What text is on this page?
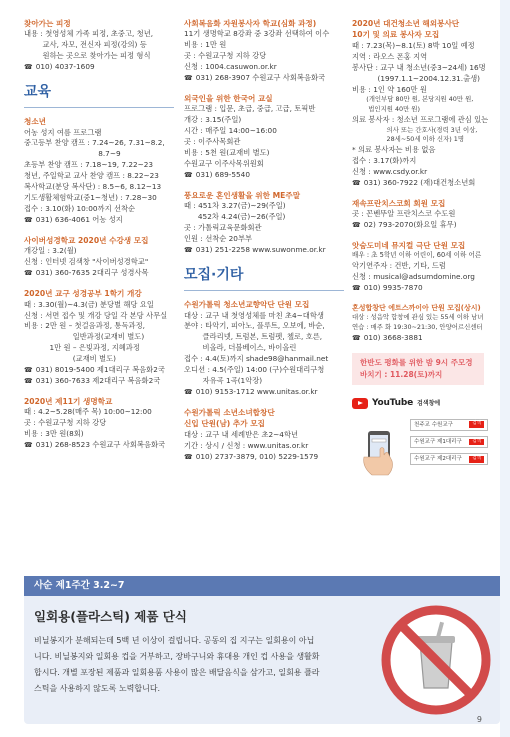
찾아가는 피정
내용 : 첫영성체 가족 피정, 초중고, 청년,
교사, 자모, 전신자 피정(강의) 등
원하는 곳으로 찾아가는 피정 형식
☎ 010) 4037-1609
교육
청소년
어농 성지 여름 프로그램
중고등부 찬양 캠프 : 7.24~26, 7.31~8.2,
8.7~9
초등부 찬양 캠프 : 7.18~19, 7.22~23
청년, 주일학교 교사 찬양 캠프 : 8.22~23
복사학교(분당 복사단) : 8.5~6, 8.12~13
기도생활체험학교(중1~청년) : 7.28~30
접수 : 3.10(화) 10:00까지 선착순
☎ 031) 636-4061 어농 성지
사이버성경학교 2020년 수강생 모집
개강일 : 3.2(월)
신청 : 인터넷 검색창 "사이버성경학교"
☎ 031) 360-7635 2대리구 성경사목
2020년 교구 성경공부 1학기 개강
때 : 3.30(월)~4.3(금) 분당별 해당 요일
신청 : 서면 접수 및 개강 당일 각 본당 사무실
비용 : 2만 원 – 첫걸음과정, 통독과정,
일반과정(교재비 별도)
1만 원 – 은빛과정, 지혜과정
(교재비 별도)
☎ 031) 8019-5400 제1대리구 복음화2국
☎ 031) 360-7633 제2대리구 복음화2국
2020년 제11기 생명학교
때 : 4.2~5.28(매주 목) 10:00~12:00
곳 : 수원교구청 지하 강당
비용 : 3만 원(8회)
☎ 031) 268-8523 수원교구 사회복음화국
사회복음화 자원봉사자 학교(심화 과정)
11기 생명학교 8강좌 중 3강좌 선택하여 이수
비용 : 1만 원
곳 : 수원교구청 지하 강당
신청 : 1004.casuwon.or.kr
☎ 031) 268-3907 수원교구 사회복음화국
외국인을 위한 한국어 교실
프로그램 : 입문, 초급, 중급, 고급, 토픽반
개강 : 3.15(주일)
시간 : 매주일 14:00~16:00
곳 : 이주사목회관
비용 : 5천 원(교재비 별도)
수원교구 이주사목위원회
☎ 031) 689-5540
풍요로운 혼인생활을 위한 ME주말
때 : 451차 3.27(금)~29(주일)
452차 4.24(금)~26(주일)
곳 : 가톨릭교육문화회관
인원 : 선착순 20부부
☎ 031) 251-2258 www.suwonme.or.kr
모집·기타
수원가톨릭 청소년교향악단 단원 모집
대상 : 교구 내 첫영성체를 마친 초4~대학생
분야 : 타악기, 피아노, 플루트, 오보에, 바순,
클라리넷, 트럼본, 트럼펫, 첼로, 호른,
비올라, 더블베이스, 바이올린
접수 : 4.4(토)까지 shade98@hanmail.net
오디션 : 4.5(주일) 14:00 (구)수원대리구청
자유곡 1곡(1악장)
☎ 010) 9153-1712 www.unitas.or.kr
수원가톨릭 소년소녀합창단
신입 단원(남) 추가 모집
대상 : 교구 내 세례받은 초2~4학년
기간 : 상시 / 신청 : www.unitas.or.kr
☎ 010) 2737-3879, 010) 5229-1579
2020년 대건청소년 해외봉사단
10기 및 의료 봉사자 모집
때 : 7.23(목)~8.1(토) 8박 10일 예정
지역 : 라오스 폰홍 지역
봉사단 : 교구 내 청소년(중3~24세) 16명
(1997.1.1~2004.12.31.출생)
비용 : 1인 약 160만 원
(개인부담 80만 원, 본당지원 40만 원,
법인지원 40만 원)
의료 봉사자 : 청소년 프로그램에 관심 있는
의사 또는 간호사(경력 3년 이상,
28세~50세 이하 신자) 1명
* 의료 봉사자는 비용 없음
접수 : 3.17(화)까지
신청 : www.csdy.or.kr
☎ 031) 360-7922 (재)대건청소년회
재속프란치스코회 회원 모집
곳 : 꼰벤뚜알 프란치스코 수도원
☎ 02) 793-2070(화요일 휴무)
앗숨도미네 뮤지컬 극단 단원 모집
배우 : 초 5학년 이하 어린이, 60세 이하 어른
악기연주자 : 건반, 기타, 드럼
신청 : musical@adsumdomine.org
☎ 010) 9935-7870
혼성합창단 에트스까이아 단원 모집(상시)
대상 : 성음악 합창에 관심 있는 55세 이하 남녀
연습 : 매주 화 19:30~21:30, 안양어르신센터
☎ 010) 3668-3881
한반도 평화를 위한 밤 9시 주모경
바치기 : 11.28(토)까지
YouTube 검색창에
천주교 수원교구	검색
수원교구 제1대리구	검색
수원교구 제2대리구	검색
사순 제1주간 3.2~7
일회용(플라스틱) 제품 단식
비닐봉지가 분해되는데 5백 년 이상이 걸립니다. 공동의 집 지구는 일회용이 아닙
니다. 비닐봉지와 일회용 컵을 거부하고, 장바구니와 휴대용 개인 컵 사용을 생활화
합시다. 개별 포장된 제품과 일회용품 사용이 많은 배달음식을 삼가고, 일회용 플라
스틱을 사용하지 않도록 노력합니다.
9
